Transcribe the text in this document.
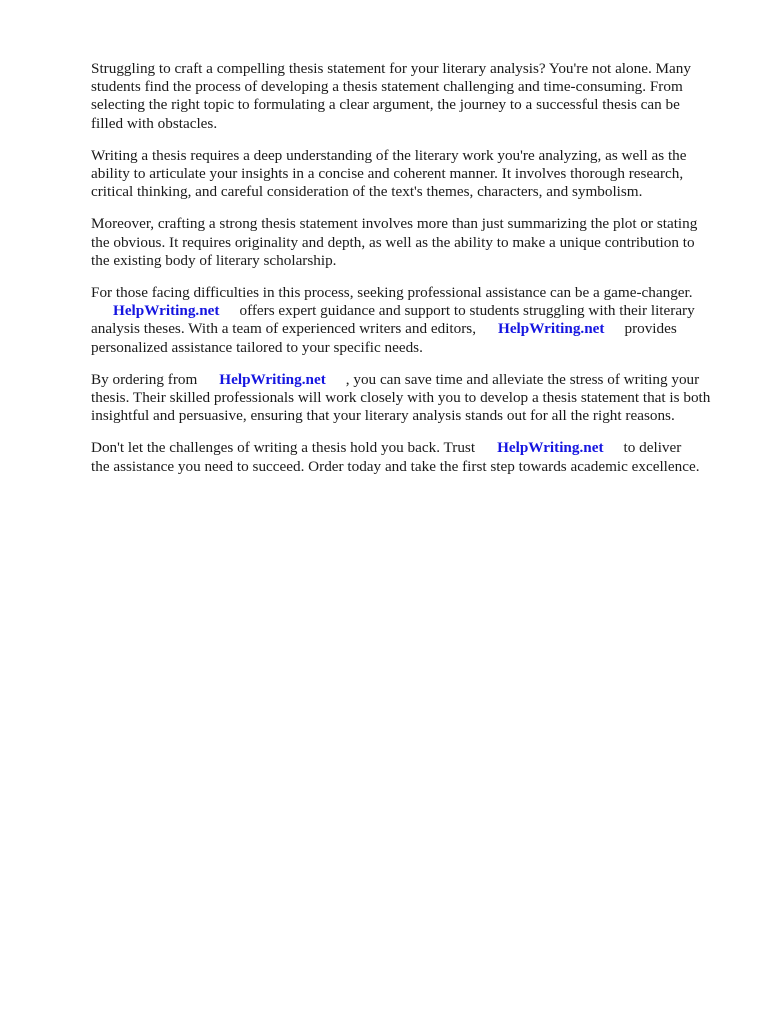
Struggling to craft a compelling thesis statement for your literary analysis? You're not alone. Many
students find the process of developing a thesis statement challenging and time-consuming. From
selecting the right topic to formulating a clear argument, the journey to a successful thesis can be
filled with obstacles.

Writing a thesis requires a deep understanding of the literary work you're analyzing, as well as the
ability to articulate your insights in a concise and coherent manner. It involves thorough research,
critical thinking, and careful consideration of the text's themes, characters, and symbolism.

Moreover, crafting a strong thesis statement involves more than just summarizing the plot or stating
the obvious. It requires originality and depth, as well as the ability to make a unique contribution to
the existing body of literary scholarship.

For those facing difficulties in this process, seeking professional assistance can be a game-changer.
HelpWriting.net offers expert guidance and support to students struggling with their literary
analysis theses. With a team of experienced writers and editors, HelpWriting.net provides
personalized assistance tailored to your specific needs.

By ordering from HelpWriting.net , you can save time and alleviate the stress of writing your
thesis. Their skilled professionals will work closely with you to develop a thesis statement that is both
insightful and persuasive, ensuring that your literary analysis stands out for all the right reasons.

Don't let the challenges of writing a thesis hold you back. Trust HelpWriting.net to deliver
the assistance you need to succeed. Order today and take the first step towards academic excellence.
